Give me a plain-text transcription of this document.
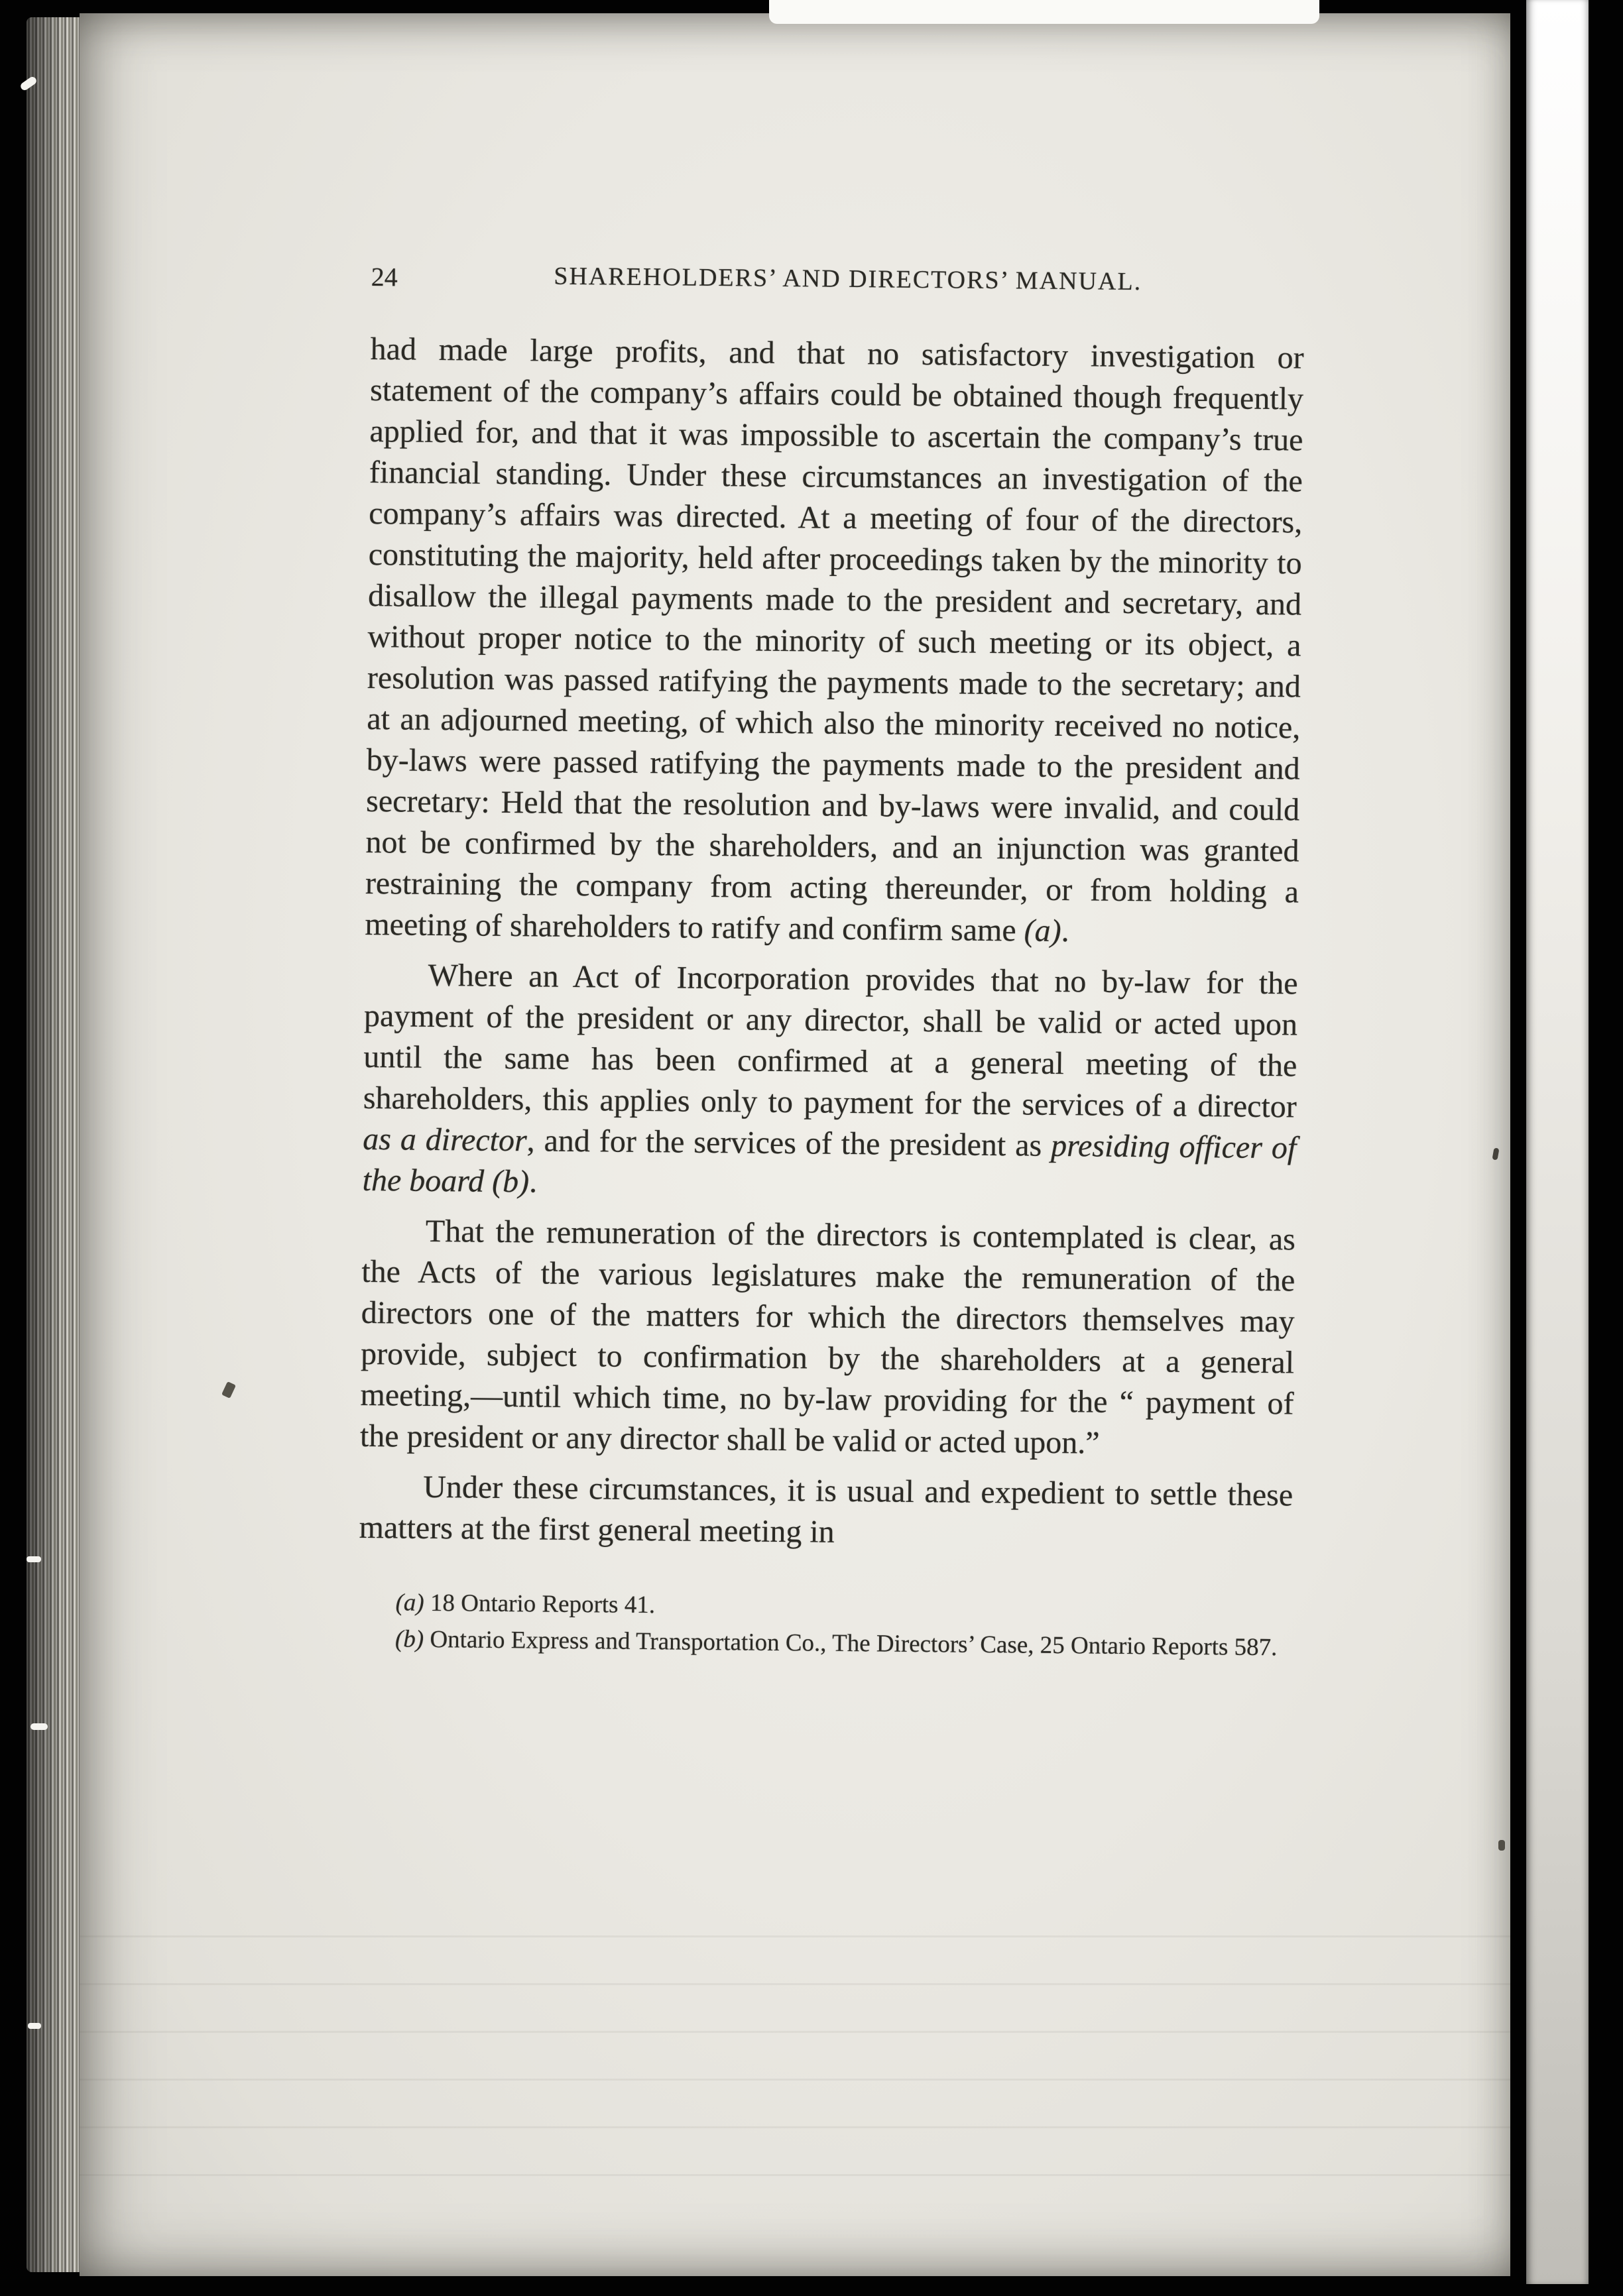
24	SHAREHOLDERS’ AND DIRECTORS’ MANUAL.

had made large profits, and that no satisfactory investigation or statement of the company’s affairs could be obtained though frequently applied for, and that it was impossible to ascertain the company’s true financial standing. Under these circumstances an investigation of the company’s affairs was directed. At a meeting of four of the directors, constituting the majority, held after proceedings taken by the minority to disallow the illegal payments made to the president and secretary, and without proper notice to the minority of such meeting or its object, a resolution was passed ratifying the payments made to the secretary; and at an adjourned meeting, of which also the minority received no notice, by-laws were passed ratifying the payments made to the president and secretary: Held that the resolution and by-laws were invalid, and could not be confirmed by the shareholders, and an injunction was granted restraining the company from acting thereunder, or from holding a meeting of shareholders to ratify and confirm same (a).

Where an Act of Incorporation provides that no by-law for the payment of the president or any director, shall be valid or acted upon until the same has been confirmed at a general meeting of the shareholders, this applies only to payment for the services of a director as a director, and for the services of the president as presiding officer of the board (b).

That the remuneration of the directors is contemplated is clear, as the Acts of the various legislatures make the remuneration of the directors one of the matters for which the directors themselves may provide, subject to confirmation by the shareholders at a general meeting,—until which time, no by-law providing for the “ payment of the president or any director shall be valid or acted upon.”

Under these circumstances, it is usual and expedient to settle these matters at the first general meeting in

(a) 18 Ontario Reports 41.

(b) Ontario Express and Transportation Co., The Directors’ Case, 25 Ontario Reports 587.
